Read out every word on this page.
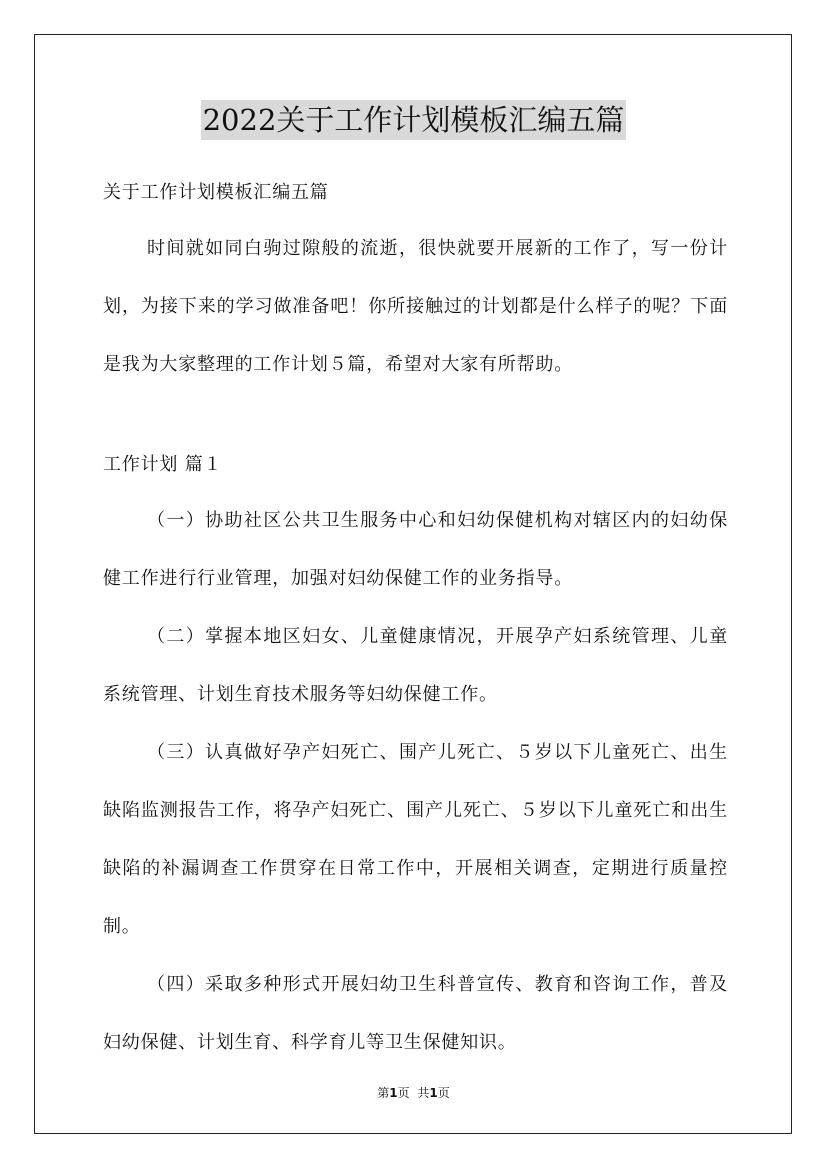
2022关于工作计划模板汇编五篇
关于工作计划模板汇编五篇

时间就如同白驹过隙般的流逝，很快就要开展新的工作了，写一份计划，为接下来的学习做准备吧！你所接触过的计划都是什么样子的呢？下面是我为大家整理的工作计划５篇，希望对大家有所帮助。

工作计划 篇１

（一）协助社区公共卫生服务中心和妇幼保健机构对辖区内的妇幼保健工作进行行业管理，加强对妇幼保健工作的业务指导。

（二）掌握本地区妇女、儿童健康情况，开展孕产妇系统管理、儿童系统管理、计划生育技术服务等妇幼保健工作。

（三）认真做好孕产妇死亡、围产儿死亡、５岁以下儿童死亡、出生缺陷监测报告工作，将孕产妇死亡、围产儿死亡、５岁以下儿童死亡和出生缺陷的补漏调查工作贯穿在日常工作中，开展相关调查，定期进行质量控制。

（四）采取多种形式开展妇幼卫生科普宣传、教育和咨询工作，普及妇幼保健、计划生育、科学育儿等卫生保健知识。

第1页 共1页
